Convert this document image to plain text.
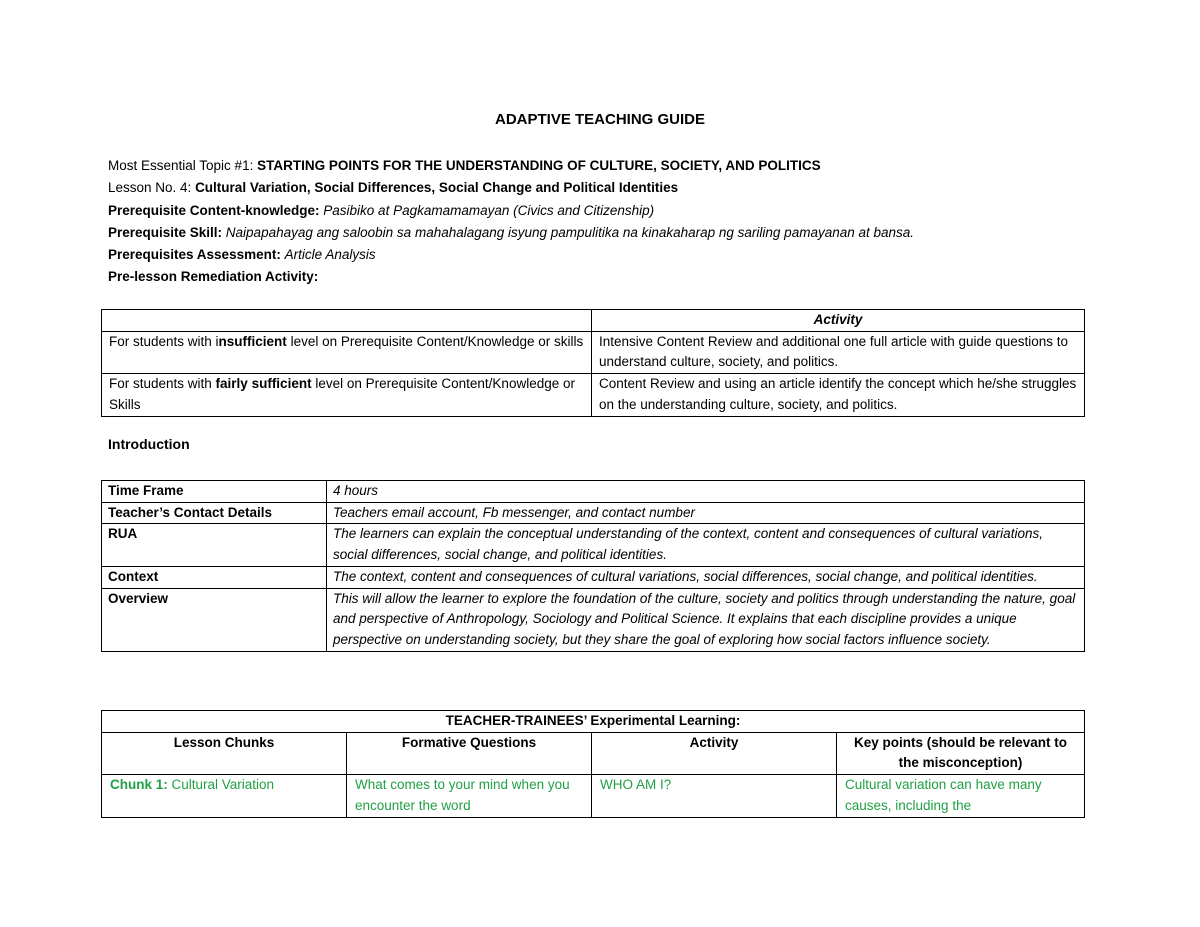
ADAPTIVE TEACHING GUIDE
Most Essential Topic #1: STARTING POINTS FOR THE UNDERSTANDING OF CULTURE, SOCIETY, AND POLITICS
Lesson No. 4: Cultural Variation, Social Differences, Social Change and Political Identities
Prerequisite Content-knowledge: Pasibiko at Pagkamamamayan (Civics and Citizenship)
Prerequisite Skill: Naipapahayag ang saloobin sa mahahalagang isyung pampulitika na kinakaharap ng sariling pamayanan at bansa.
Prerequisites Assessment: Article Analysis
Pre-lesson Remediation Activity:
	Activity
For students with insufficient level on Prerequisite Content/Knowledge or skills	Intensive Content Review and additional one full article with guide questions to understand culture, society, and politics.
For students with fairly sufficient level on Prerequisite Content/Knowledge or Skills	Content Review and using an article identify the concept which he/she struggles on the understanding culture, society, and politics.
Introduction
Time Frame	4 hours
Teacher’s Contact Details	Teachers email account, Fb messenger, and contact number
RUA	The learners can explain the conceptual understanding of the context, content and consequences of cultural variations, social differences, social change, and political identities.
Context	The context, content and consequences of cultural variations, social differences, social change, and political identities.
Overview	This will allow the learner to explore the foundation of the culture, society and politics through understanding the nature, goal and perspective of Anthropology, Sociology and Political Science. It explains that each discipline provides a unique perspective on understanding society, but they share the goal of exploring how social factors influence society.
TEACHER-TRAINEES’ Experimental Learning:			
Lesson Chunks	Formative Questions	Activity	Key points (should be relevant to the misconception)
Chunk 1: Cultural Variation	What comes to your mind when you encounter the word	WHO AM I?	Cultural variation can have many causes, including the
